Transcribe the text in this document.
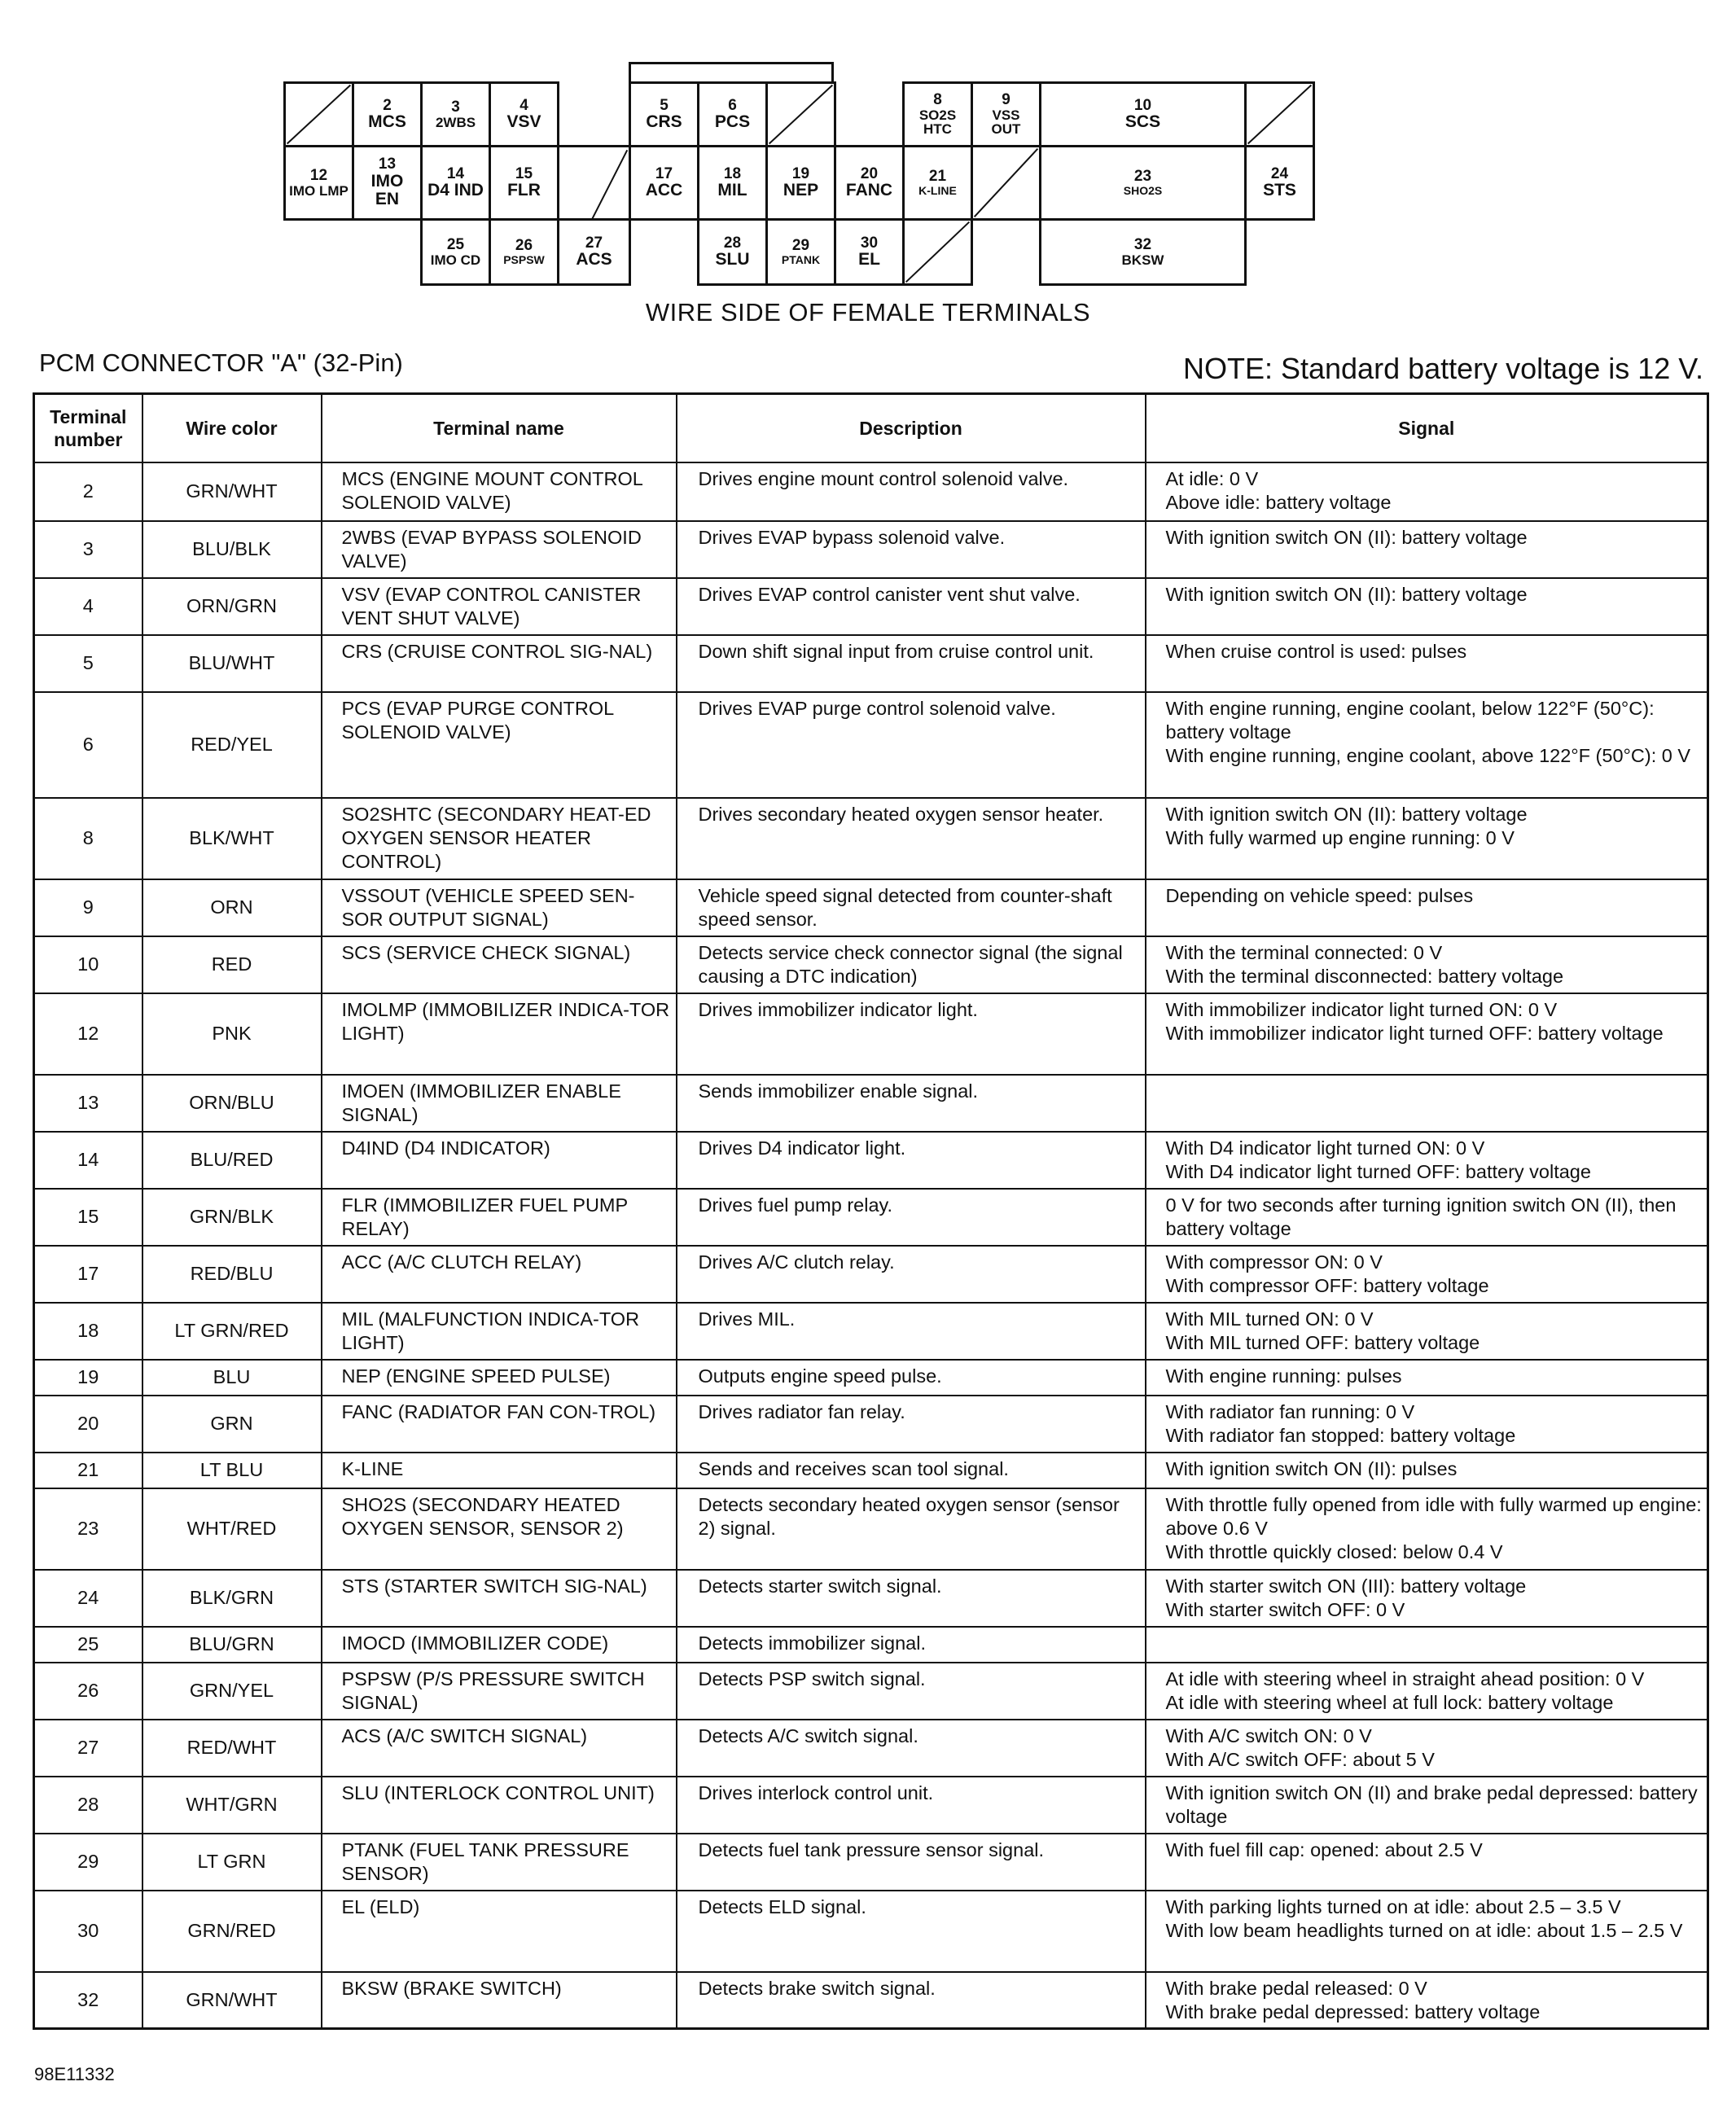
2
MCS
3
2WBS
4
VSV
5
CRS
6
PCS
8
SO2S HTC
9
VSS OUT
10
SCS
12
IMO LMP
13
IMO EN
14
D4 IND
15
FLR
17
ACC
18
MIL
19
NEP
20
FANC
21
K-LINE
23
SHO2S
24
STS
25
IMO CD
26
PSPSW
27
ACS
28
SLU
29
PTANK
30
EL
32
BKSW
WIRE SIDE OF FEMALE TERMINALS
PCM CONNECTOR "A" (32-Pin)	NOTE: Standard battery voltage is 12 V.
Terminal number	Wire color	Terminal name	Description	Signal
2	GRN/WHT	MCS (ENGINE MOUNT CONTROL SOLENOID VALVE)	Drives engine mount control solenoid valve.	At idle: 0 V
Above idle: battery voltage
3	BLU/BLK	2WBS (EVAP BYPASS SOLENOID VALVE)	Drives EVAP bypass solenoid valve.	With ignition switch ON (II): battery voltage
4	ORN/GRN	VSV (EVAP CONTROL CANISTER VENT SHUT VALVE)	Drives EVAP control canister vent shut valve.	With ignition switch ON (II): battery voltage
5	BLU/WHT	CRS (CRUISE CONTROL SIG-NAL)	Down shift signal input from cruise control unit.	When cruise control is used: pulses
6	RED/YEL	PCS (EVAP PURGE CONTROL SOLENOID VALVE)	Drives EVAP purge control solenoid valve.	With engine running, engine coolant, below 122°F (50°C): battery voltage
With engine running, engine coolant, above 122°F (50°C): 0 V
8	BLK/WHT	SO2SHTC (SECONDARY HEAT-ED OXYGEN SENSOR HEATER CONTROL)	Drives secondary heated oxygen sensor heater.	With ignition switch ON (II): battery voltage
With fully warmed up engine running: 0 V
9	ORN	VSSOUT (VEHICLE SPEED SEN-SOR OUTPUT SIGNAL)	Vehicle speed signal detected from counter-shaft speed sensor.	Depending on vehicle speed: pulses
10	RED	SCS (SERVICE CHECK SIGNAL)	Detects service check connector signal (the signal causing a DTC indication)	With the terminal connected: 0 V
With the terminal disconnected: battery voltage
12	PNK	IMOLMP (IMMOBILIZER INDICA-TOR LIGHT)	Drives immobilizer indicator light.	With immobilizer indicator light turned ON: 0 V
With immobilizer indicator light turned OFF: battery voltage
13	ORN/BLU	IMOEN (IMMOBILIZER ENABLE SIGNAL)	Sends immobilizer enable signal.	
14	BLU/RED	D4IND (D4 INDICATOR)	Drives D4 indicator light.	With D4 indicator light turned ON: 0 V
With D4 indicator light turned OFF: battery voltage
15	GRN/BLK	FLR (IMMOBILIZER FUEL PUMP RELAY)	Drives fuel pump relay.	0 V for two seconds after turning ignition switch ON (II), then battery voltage
17	RED/BLU	ACC (A/C CLUTCH RELAY)	Drives A/C clutch relay.	With compressor ON: 0 V
With compressor OFF: battery voltage
18	LT GRN/RED	MIL (MALFUNCTION INDICA-TOR LIGHT)	Drives MIL.	With MIL turned ON: 0 V
With MIL turned OFF: battery voltage
19	BLU	NEP (ENGINE SPEED PULSE)	Outputs engine speed pulse.	With engine running: pulses
20	GRN	FANC (RADIATOR FAN CON-TROL)	Drives radiator fan relay.	With radiator fan running: 0 V
With radiator fan stopped: battery voltage
21	LT BLU	K-LINE	Sends and receives scan tool signal.	With ignition switch ON (II): pulses
23	WHT/RED	SHO2S (SECONDARY HEATED OXYGEN SENSOR, SENSOR 2)	Detects secondary heated oxygen sensor (sensor 2) signal.	With throttle fully opened from idle with fully warmed up engine: above 0.6 V
With throttle quickly closed: below 0.4 V
24	BLK/GRN	STS (STARTER SWITCH SIG-NAL)	Detects starter switch signal.	With starter switch ON (III): battery voltage
With starter switch OFF: 0 V
25	BLU/GRN	IMOCD (IMMOBILIZER CODE)	Detects immobilizer signal.	
26	GRN/YEL	PSPSW (P/S PRESSURE SWITCH SIGNAL)	Detects PSP switch signal.	At idle with steering wheel in straight ahead position: 0 V
At idle with steering wheel at full lock: battery voltage
27	RED/WHT	ACS (A/C SWITCH SIGNAL)	Detects A/C switch signal.	With A/C switch ON: 0 V
With A/C switch OFF: about 5 V
28	WHT/GRN	SLU (INTERLOCK CONTROL UNIT)	Drives interlock control unit.	With ignition switch ON (II) and brake pedal depressed: battery voltage
29	LT GRN	PTANK (FUEL TANK PRESSURE SENSOR)	Detects fuel tank pressure sensor signal.	With fuel fill cap: opened: about 2.5 V
30	GRN/RED	EL (ELD)	Detects ELD signal.	With parking lights turned on at idle: about 2.5 – 3.5 V
With low beam headlights turned on at idle: about 1.5 – 2.5 V
32	GRN/WHT	BKSW (BRAKE SWITCH)	Detects brake switch signal.	With brake pedal released: 0 V
With brake pedal depressed: battery voltage
98E11332
